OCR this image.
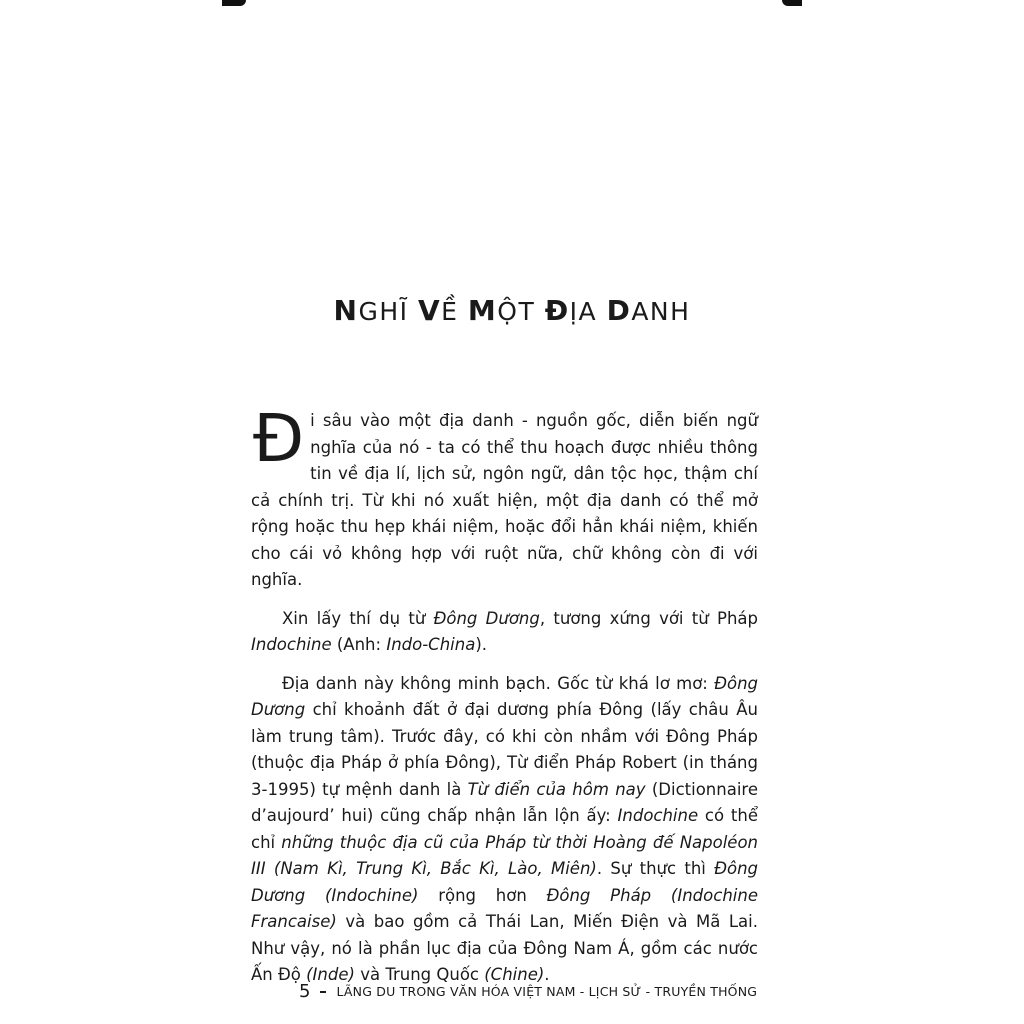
NGHĨ VỀ MỘT ĐỊA DANH

Đi sâu vào một địa danh - nguồn gốc, diễn biến ngữ nghĩa của nó - ta có thể thu hoạch được nhiều thông tin về địa lí, lịch sử, ngôn ngữ, dân tộc học, thậm chí cả chính trị. Từ khi nó xuất hiện, một địa danh có thể mở rộng hoặc thu hẹp khái niệm, hoặc đổi hẳn khái niệm, khiến cho cái vỏ không hợp với ruột nữa, chữ không còn đi với nghĩa.

Xin lấy thí dụ từ Đông Dương, tương xứng với từ Pháp Indochine (Anh: Indo-China).

Địa danh này không minh bạch. Gốc từ khá lơ mơ: Đông Dương chỉ khoảnh đất ở đại dương phía Đông (lấy châu Âu làm trung tâm). Trước đây, có khi còn nhầm với Đông Pháp (thuộc địa Pháp ở phía Đông), Từ điển Pháp Robert (in tháng 3-1995) tự mệnh danh là Từ điển của hôm nay (Dictionnaire d’aujourd’ hui) cũng chấp nhận lẫn lộn ấy: Indochine có thể chỉ những thuộc địa cũ của Pháp từ thời Hoàng đế Napoléon III (Nam Kì, Trung Kì, Bắc Kì, Lào, Miên). Sự thực thì Đông Dương (Indochine) rộng hơn Đông Pháp (Indochine Francaise) và bao gồm cả Thái Lan, Miến Điện và Mã Lai. Như vậy, nó là phần lục địa của Đông Nam Á, gồm các nước Ấn Độ (Inde) và Trung Quốc (Chine).

5 LÃNG DU TRONG VĂN HÓA VIỆT NAM - LỊCH SỬ - TRUYỀN THỐNG
